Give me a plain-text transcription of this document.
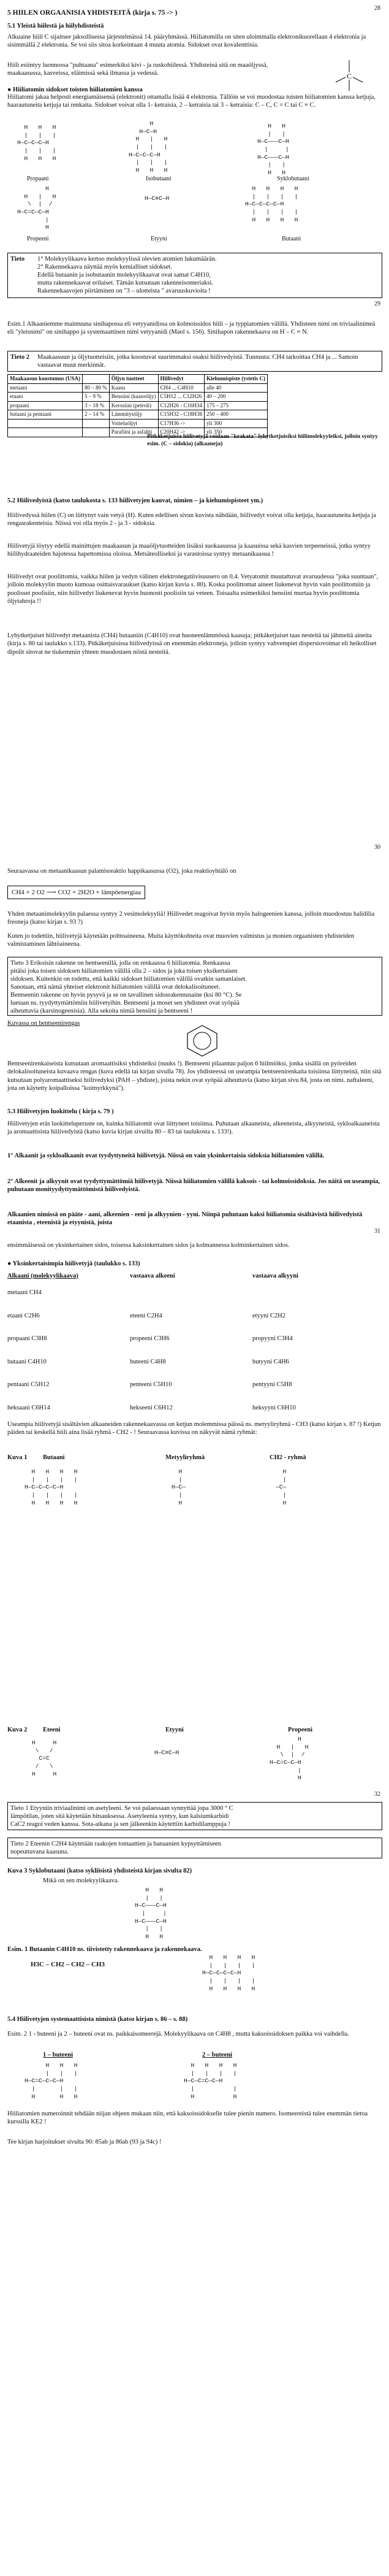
28
5 HIILEN ORGAANISIA YHDISTEITÄ (kirja s. 75 -> )
5.1 Yleistä hiilestä ja hiilyhdisteistä
Alkuaine hiili C sijaitsee jaksollisessa järjestelmässä 14. pääryhmässä. Hiiliatomilla on siten uloimmalla elektronikuorellaan 4 elektronia ja sisimmällä 2 elektronia. Se voi siis sitoa korkeintaan 4 muuta atomia. Sidokset ovat kovalenttisia.
Hiili esiintyy luonnossa "puhtaana" esimerkiksi kivi - ja ruskohiilessä. Yhdisteinä sitä on maaöljyssä, maakaasussa, kasveissa, eläimissä sekä ilmassa ja vedessä.	C
● Hiiliatomin sidokset toisten hiiliatomien kanssa
Hiiliatomi jakaa helposti energiamäisensä (elektronit) ottamalla lisää 4 elektronia. Tällöin se voi muodostaa toisten hiiliatomien kanssa ketjuja, haarautuneita ketjuja tai renkaita. Sidokset voivat olla 1- ketraisia, 2 – ketraisia tai 3 – ketraisia: C – C, C = C tai C ≡ C.
H   H   H
|   |   |
H—C—C—C—H
|   |   |
H   H   H
H
H—C—H
H   |   H
|   |   |
H—C—C—C—H
|   |   |
H   H   H
H   H
|   |
H—C———C—H
|     |
H—C———C—H
|   |
H   H
Propaani	Isobutaani	Syklobutaani
H
H   |   H
\  |  /
H—C=C—C—H
|
H
H—C≡C—H
H   H   H   H
|   |   |   |
H—C—C—C—C—H
|   |   |   |
H   H   H   H
Propeeni	Etyyni	Butaani
Tieto 1° Molekyylikaava kertoo molekyylissä olevien atomien lukumäärän.
2° Rakennekaava näyttää myös kemialliset sidokset.
Edellä butaanin ja isobutaanin molekyylikaavat ovat samat C4H10,
mutta rakennekaavat erilaiset. Tämän kutsutaan rakenneisomeriaksi.
Rakennekaavojen piirtäminen on "3 – ulotteista " avaruuskuvioita !
29
Esim.1 Alkaaniemme maintuuna sinihapossa eli vetyyanidissa on kolmoissidos hiili – ja typpiatomien välillä. Yhdisteen nimi on triviaalinimeä eli "yleisnimi" on sinihappo ja systemaattinen nimi vetyyanidi (Maol s. 156). Sinihapon rakennekaava on H – C ≡ N.
Tieto 2 Maakaasuun ja öljytuotteisiin, jotka koostuvat suurimmaksi osaksi hiilivedyistä. Tunnusta: CH4 tarkoittaa CH4 ja ... Samoin vastaavat muut merkinnät.
Maakaasun koostumus (USA)		Öljyn tuotteet	Hiilivedyt	Kiehumispiste (ystetis C)
metaani	80 – 80 %	Kaasu	CH4 ... C4H10	alle 40
etaani	5 – 9 %	Bensiini (kaasoöljy)	C5H12 ... C12H26	40 – 200
propaani	3 – 18 %	Kerosiini (petroli)	C12H26 - C16H34	175 – 275
butaani ja pentaani	2 – 14 %	Lämmitysöljy	C15H32 - C18H38	250 – 400
		Voiteluöljyt	C17H36 ->	yli 300
		Parafiini ja asfaltti	C20H42 ->	yli 350
Pitkäketjuisia hiilivetyjä voidaan "krakata" lyhytketjuisiksi hiilimolekyyleiksi, jolloin syntyy esim. (C – sidokia) (alkaaneja)
5.2 Hiilivedyistä (katso taulukosta s. 133 hiilivetyjen kauvat, nimien – ja kiehumispisteet ym.)
Hiilivedyssä hiilen (C) on liittynyt vain vetyä (H). Kuten edellisen sivun kuvista nähdään, hiilivedyt voivat olla ketjuja, haarautuneita ketjuja ja rengasrakenteisia. Niissä voi olla myös 2 - ja 3 - sidoksia.
Hiilivetyjä löytyy edellä mainittujen maakaasun ja maaöljytuotteiden lisäksi suokaasussa ja kaasuissa sekä kasvien terpeeneissä, jotka syntyy hiilihydraateiden hajotessa hapettomissa oloissa. Metsäteolliseksi ja varastoissa syntyy metaanikaasua !
Hiilivedyt ovat poolittomia, vaikka hiilen ja vedyn välinen elektronegatiivisuusero on 0,4. Vetyatomit muutattuvat avaruudessa "joka suuntaan", jolloin molekyylin muoto kumoaa osittaisvaraukset (katso kirjan kuvia s. 80). Koska poolittomat aineet liukenevat hyvin vain poolittomiin ja poolisset poolisiin, niin hiilivedyt liukenevat hyvin huonosti poolisiin tai veteen. Toisaalta esimerkiksi bensiini murtaa hyvin poolittomia öljytahroja !!
Lyhytketjuiset hiilivedyt metaanista (CH4) butaaniin (C4H10) ovat huoneenlämmössä kaasuja; pitkäketjuiset taas nesteitä tai jähmeitä aineita (kirja s. 80 tai taulukko s.133). Pitkäketjuisissa hiilivedyissä on enemmän elektroneja, jolloin syntyy vahvempiet dispersiovoimat eli heikolliset dipolit sitovat ne tiukemmin yhteen muodostaen niistä nesteitä.
30
Seuraavassa on metaanikaasun palamisreaktio happikaasussa (O2), joka reaktioyhtälö on
CH4 + 2 O2 ⟶ CO2 + 2H2O + lämpöenergiaa
Yhden metaanimolekyylin palaessa syntyy 2 vesimolekyyliä! Hiilivedet reagoivat hyvin myös halogeenien kanssa, jolloin muodostuu halidilia freoneja (katso kirjan s. 93 ?)
Kuten jo todettiin, hiilivetyjä käytetään polttoaineena. Muita käyttökohteita ovat muovien valmistus ja monien orgaanisten yhdisteiden valmistaminen lähtöaineena.
Tieto 3 Erikoisin rakenne on bentseenillä, jolla on renkaassa 6 hiiliatomia. Renkaassa
pitäisi joka toisen sidoksen hiiliatomien välillä olla 2 – sidos ja joka toisen yksikertaisen
sidoksen. Kuitenkin on todettu, että kaikki sidokset hiiliatomien välillä ovatkin samanlaiset.
Sanotaan, että nämä yhteiset elektronit hiiliatomien välillä ovat delokalisoituneet.
Bentseenin rakenne on hyvin pysyvä ja se on tavallinen sidosrakennusaine (ksi 80 °C). Se
luetaan ns. tyydyttymättömiin hiilivetyihin. Bentseeni ja moset sen yhdisteet ovat syöpää
aiheuttavia (karsinogeenisia). Alla sekoita nimiä bensiini ja bentseeni !
Kuvassa on bentseenirengas
Bentseenirenkaiseista kutsutaan aromaattisiksi yhdisteiksi (nuuks !). Bentseeni pilaantuu paljon 6 hiilmiöksi, jonka sisällä on pyöreiden delokalisoituneista kuvaava rengas (kuva edellä tai kirjan sivulla 78). Jos yhdisteessä on useampia bentseenirenkaita toisiinsa liittyneinä, niin sitä kutsutaan polyaromaattiseksi hiilivedyksi (PAH – yhdiste), joista nekin ovat syöpää aiheuttavia (katso kirjan sivu 84, josta on nimi. naftaleeni, jota on käytetty koipalloissa "koimyrkkynä").
5.3 Hiilivetyjen luokittelu ( kirja s. 79 )
Hiilivetyjen eräs luokitteluperuste on, kuinka hiiliatomit ovat liittyneet toisiinsa. Puhutaan alkaaneista, alkeeneista, alkyyneistä, sykloalkaaneista ja aromaattisista hiilivedyistä (katso kuvia kirjan sivuilta 80 – 83 tai taulukosta s. 133!).
1° Alkaanit ja sykloalkaanit ovat tyydyttyneitä hiilivetyjä. Niissä on vain yksinkertaisia sidoksia hiiliatomien välillä.
2° Alkeenit ja alkyynit ovat tyydyttymättömiä hiilivetyjä. Niissä hiiliatomien välillä kaksois - tai kolmoissidoksia. Jos näitä on useampia, puhutaan monityydyttymättömistä hiilivedyistä.
Alkaanien nimissä on pääte - aani, alkeenien - eeni ja alkyynien - yyni. Niinpä puhutaan kaksi hiiliatomia sisältävistä hiilivedyistä etaanista , eteenistä ja etyynistä, joista
31
ensimmäisessä on yksinkertainen sidos, toisessa kaksinkertainen sidos ja kolmannessa kolminkertainen sidos.
● Yksinkertaisimpia hiilivetyjä (taulukko s. 133)
Alkaani (molekyylikaava)	vastaava alkeeni	vastaava alkyyni
metaani CH4
etaani C2H6	eteeni C2H4	etyyni C2H2
propaani C3H8	propeeni C3H6	propyyni C3H4
butaani C4H10	buteeni C4H8	butyyni C4H6
pentaani C5H12	penteeni C5H10	pentyyni C5H8
heksaani C6H14	hekseeni C6H12	heksyyni C6H10
Useampia hiilivetyjä sisältävien alkaaneiden rakennekaavassa on ketjun molemmissa päissä ns. metyyliryhmä - CH3 (katso kirjan s. 87 !) Ketjun päiden tai keskellä hiili aina lisää ryhmä - CH2 - ! Seuraavassa kuvissa on näkyvät nämä ryhmät:
Kuva 1 Butaani	Metyyliryhmä	CH2 - ryhmä
H   H   H   H
|   |   |   |
H—C—C—C—C—H
|   |   |   |
H   H   H   H
H
|
H—C—
|
H
H
|
—C—
|
H
Kuva 2 Eteeni	Etyyni	Propeeni
H     H
\   /
C=C
/   \
H     H
H—C≡C—H
H
H   |   H
\  |  /
H—C=C—C—H
|
H
32
Tieto 1 Etyyniin triviaalinimi on asetyleeni. Se voi palaessaan synnyttää jopa 3000 ° C
lämpötilan, joten sitä käytetään hitsauksessa. Asetyleenia syntyy, kun kalsiumkarbidi
CaC2 reagoi veden kanssa. Sota-aikana ja sen jälkeenkin käytettiin karbidilamppuja !
Tieto 2 Eteenin C2H4 käytetään raakojen tomaattien ja banaanien kypsyttämiseen
nopeuttavana kaasuna.
Kuva 3 Syklobutaani (katso sykliisistä yhdisteistä kirjan sivulta 82)
Mikä on sen molekyylikaava.
H   H
|   |
H—C———C—H
|     |
H—C———C—H
|   |
H   H
Esim. 1 Butaanin C4H10 ns. tiivistetty rakennekaava ja rakennekaava.
H3C – CH2 – CH2 – CH3
H   H   H   H
|   |   |   |
H—C—C—C—C—H
|   |   |   |
H   H   H   H
5.4 Hiilivetyjen systemaattisista nimistä (katso kirjan s. 86 – s. 88)
Esim. 2 1 - buteeni ja 2 – buteeni ovat ns. paikkaisomeerejä. Molekyylikaava on C4H8 , mutta kaksoissidoksen paikka voi vaihdella.
1 – buteeni	2 – buteeni
H   H   H
|   |   |
H—C=C—C—C—H
|       |   |
H       H   H
H   H   H   H
|   |   |   |
H—C—C=C—C—H
|           |
H           H
Hiiliatomien numeroinnit tehdään niijan ohjeen mukaan niin, että kaksoissidokselle tulee pienin numero. Isomeereistä tulee enemmän tietoa kurssilla KE2 !
Tee kirjan harjoitukset sivulta 90: 85ab ja 86ab (93 ja 94c) !
